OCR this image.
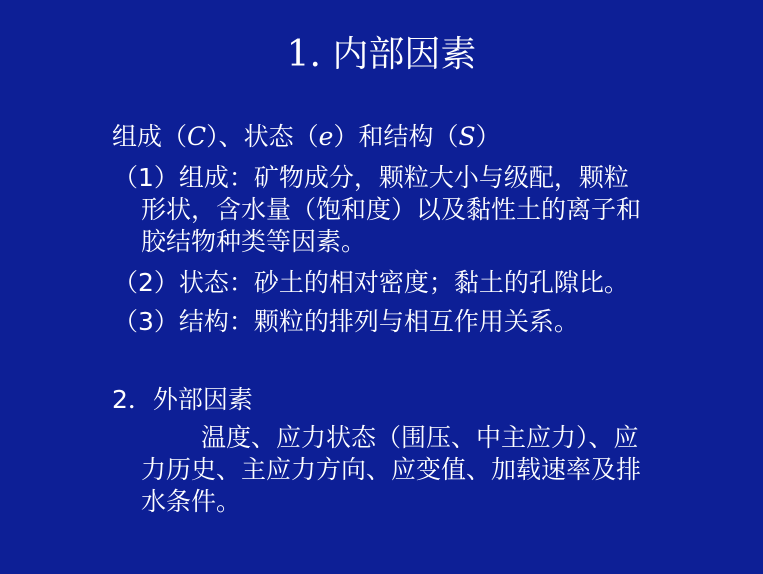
1. 内部因素
组成（C）、状态（e）和结构（S）
（1）组成：矿物成分，颗粒大小与级配，颗粒
形状，含水量（饱和度）以及黏性土的离子和
胶结物种类等因素。
（2）状态：砂土的相对密度；黏土的孔隙比。
（3）结构：颗粒的排列与相互作用关系。
2．外部因素
温度、应力状态（围压、中主应力）、应
力历史、主应力方向、应变值、加载速率及排
水条件。
